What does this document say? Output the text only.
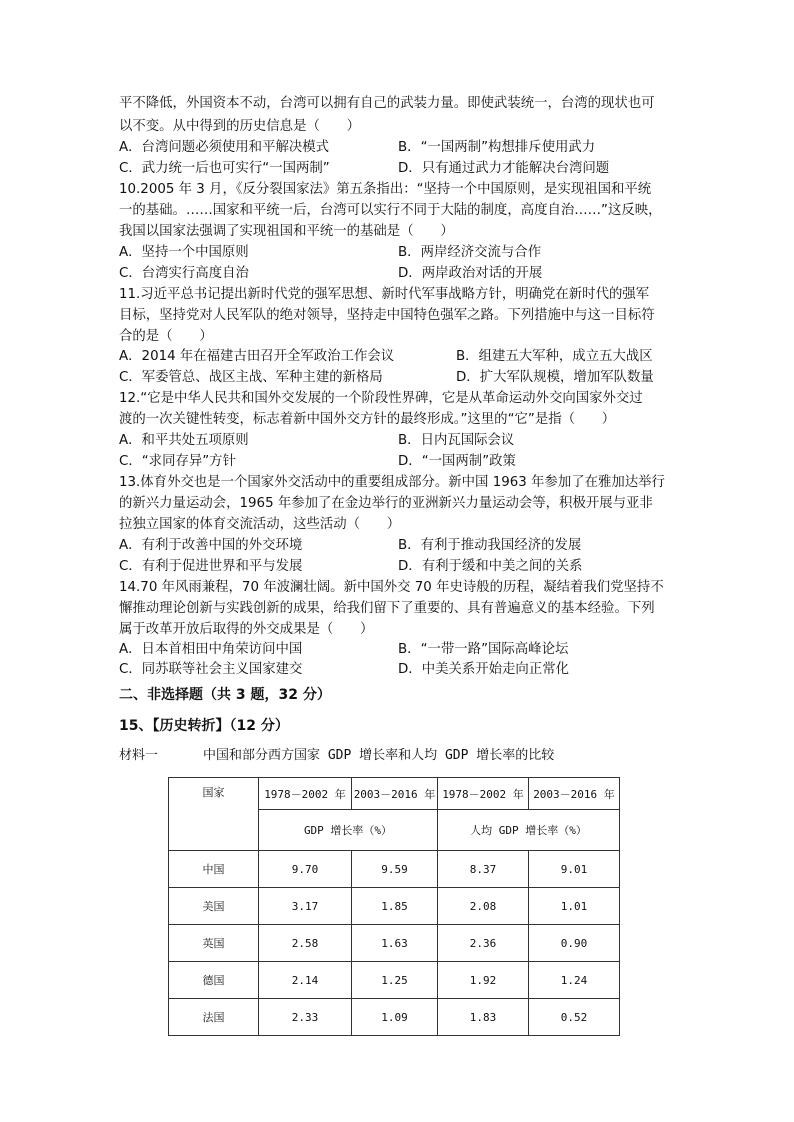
平不降低，外国资本不动，台湾可以拥有自己的武装力量。即使武装统一，台湾的现状也可
以不变。从中得到的历史信息是（　　）
A．台湾问题必须使用和平解决模式	B．“一国两制”构想排斥使用武力
C．武力统一后也可实行“一国两制”	D．只有通过武力才能解决台湾问题
10.2005 年 3 月，《反分裂国家法》第五条指出：“坚持一个中国原则，是实现祖国和平统
一的基础。……国家和平统一后，台湾可以实行不同于大陆的制度，高度自治……”这反映，
我国以国家法强调了实现祖国和平统一的基础是（　　）
A．坚持一个中国原则	B．两岸经济交流与合作
C．台湾实行高度自治	D．两岸政治对话的开展
11.习近平总书记提出新时代党的强军思想、新时代军事战略方针，明确党在新时代的强军
目标，坚持党对人民军队的绝对领导，坚持走中国特色强军之路。下列措施中与这一目标符
合的是（　　）
A．2014 年在福建古田召开全军政治工作会议	B．组建五大军种，成立五大战区
C．军委管总、战区主战、军种主建的新格局	D．扩大军队规模，增加军队数量
12.“它是中华人民共和国外交发展的一个阶段性界碑，它是从革命运动外交向国家外交过
渡的一次关键性转变，标志着新中国外交方针的最终形成。”这里的“它”是指（　　）
A．和平共处五项原则	B．日内瓦国际会议
C．“求同存异”方针	D．“一国两制”政策
13.体育外交也是一个国家外交活动中的重要组成部分。新中国 1963 年参加了在雅加达举行
的新兴力量运动会，1965 年参加了在金边举行的亚洲新兴力量运动会等，积极开展与亚非
拉独立国家的体育交流活动，这些活动（　　）
A．有利于改善中国的外交环境	B．有利于推动我国经济的发展
C．有利于促进世界和平与发展	D．有利于缓和中美之间的关系
14.70 年风雨兼程，70 年波澜壮阔。新中国外交 70 年史诗般的历程，凝结着我们党坚持不
懈推动理论创新与实践创新的成果，给我们留下了重要的、具有普遍意义的基本经验。下列
属于改革开放后取得的外交成果是（　　）
A．日本首相田中角荣访问中国	B．“一带一路”国际高峰论坛
C．同苏联等社会主义国家建交	D．中美关系开始走向正常化
二、非选择题（共 3 题，32 分）
15、【历史转折】（12 分）
材料一	中国和部分西方国家 GDP 增长率和人均 GDP 增长率的比较
国家	1978－2002 年	2003－2016 年	1978－2002 年	2003－2016 年
	GDP 增长率（%）		人均 GDP 增长率（%）	
中国	9.70	9.59	8.37	9.01
美国	3.17	1.85	2.08	1.01
英国	2.58	1.63	2.36	0.90
德国	2.14	1.25	1.92	1.24
法国	2.33	1.09	1.83	0.52
